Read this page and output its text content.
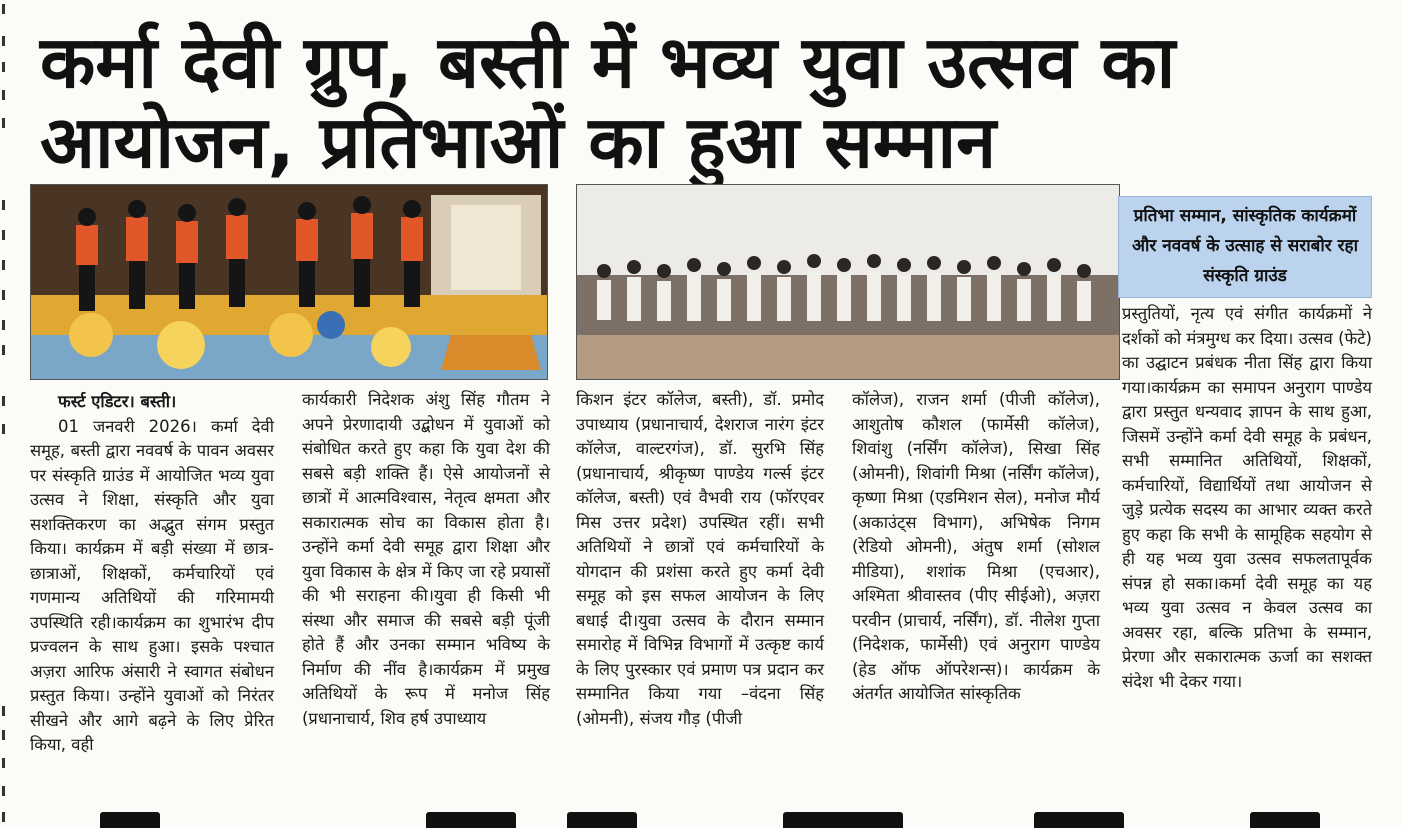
कर्मा देवी ग्रुप, बस्ती में भव्य युवा उत्सव का आयोजन, प्रतिभाओं का हुआ सम्मान

फर्स्ट एडिटर। बस्ती।

01 जनवरी 2026। कर्मा देवी समूह, बस्ती द्वारा नववर्ष के पावन अवसर पर संस्कृति ग्राउंड में आयोजित भव्य युवा उत्सव ने शिक्षा, संस्कृति और युवा सशक्तिकरण का अद्भुत संगम प्रस्तुत किया। कार्यक्रम में बड़ी संख्या में छात्र-छात्राओं, शिक्षकों, कर्मचारियों एवं गणमान्य अतिथियों की गरिमामयी उपस्थिति रही।कार्यक्रम का शुभारंभ दीप प्रज्वलन के साथ हुआ। इसके पश्चात अज़रा आरिफ अंसारी ने स्वागत संबोधन प्रस्तुत किया। उन्होंने युवाओं को निरंतर सीखने और आगे बढ़ने के लिए प्रेरित किया, वही

कार्यकारी निदेशक अंशु सिंह गौतम ने अपने प्रेरणादायी उद्बोधन में युवाओं को संबोधित करते हुए कहा कि युवा देश की सबसे बड़ी शक्ति हैं। ऐसे आयोजनों से छात्रों में आत्मविश्वास, नेतृत्व क्षमता और सकारात्मक सोच का विकास होता है। उन्होंने कर्मा देवी समूह द्वारा शिक्षा और युवा विकास के क्षेत्र में किए जा रहे प्रयासों की भी सराहना की।युवा ही किसी भी संस्था और समाज की सबसे बड़ी पूंजी होते हैं और उनका सम्मान भविष्य के निर्माण की नींव है।कार्यक्रम में प्रमुख अतिथियों के रूप में मनोज सिंह (प्रधानाचार्य, शिव हर्ष उपाध्याय

किशन इंटर कॉलेज, बस्ती), डॉ. प्रमोद उपाध्याय (प्रधानाचार्य, देशराज नारंग इंटर कॉलेज, वाल्टरगंज), डॉ. सुरभि सिंह (प्रधानाचार्य, श्रीकृष्ण पाण्डेय गर्ल्स इंटर कॉलेज, बस्ती) एवं वैभवी राय (फॉरएवर मिस उत्तर प्रदेश) उपस्थित रहीं। सभी अतिथियों ने छात्रों एवं कर्मचारियों के योगदान की प्रशंसा करते हुए कर्मा देवी समूह को इस सफल आयोजन के लिए बधाई दी।युवा उत्सव के दौरान सम्मान समारोह में विभिन्न विभागों में उत्कृष्ट कार्य के लिए पुरस्कार एवं प्रमाण पत्र प्रदान कर सम्मानित किया गया –वंदना सिंह (ओमनी), संजय गौड़ (पीजी

कॉलेज), राजन शर्मा (पीजी कॉलेज), आशुतोष कौशल (फार्मेसी कॉलेज), शिवांशु (नर्सिंग कॉलेज), सिखा सिंह (ओमनी), शिवांगी मिश्रा (नर्सिंग कॉलेज), कृष्णा मिश्रा (एडमिशन सेल), मनोज मौर्य (अकाउंट्स विभाग), अभिषेक निगम (रेडियो ओमनी), अंतुष शर्मा (सोशल मीडिया), शशांक मिश्रा (एचआर), अश्मिता श्रीवास्तव (पीए सीईओ), अज़रा परवीन (प्राचार्य, नर्सिंग), डॉ. नीलेश गुप्ता (निदेशक, फार्मेसी) एवं अनुराग पाण्डेय (हेड ऑफ ऑपरेशन्स)। कार्यक्रम के अंतर्गत आयोजित सांस्कृतिक

प्रतिभा सम्मान, सांस्कृतिक कार्यक्रमों और नववर्ष के उत्साह से सराबोर रहा संस्कृति ग्राउंड

प्रस्तुतियों, नृत्य एवं संगीत कार्यक्रमों ने दर्शकों को मंत्रमुग्ध कर दिया। उत्सव (फेटे) का उद्घाटन प्रबंधक नीता सिंह द्वारा किया गया।कार्यक्रम का समापन अनुराग पाण्डेय द्वारा प्रस्तुत धन्यवाद ज्ञापन के साथ हुआ, जिसमें उन्होंने कर्मा देवी समूह के प्रबंधन, सभी सम्मानित अतिथियों, शिक्षकों, कर्मचारियों, विद्यार्थियों तथा आयोजन से जुड़े प्रत्येक सदस्य का आभार व्यक्त करते हुए कहा कि सभी के सामूहिक सहयोग से ही यह भव्य युवा उत्सव सफलतापूर्वक संपन्न हो सका।कर्मा देवी समूह का यह भव्य युवा उत्सव न केवल उत्सव का अवसर रहा, बल्कि प्रतिभा के सम्मान, प्रेरणा और सकारात्मक ऊर्जा का सशक्त संदेश भी देकर गया।
